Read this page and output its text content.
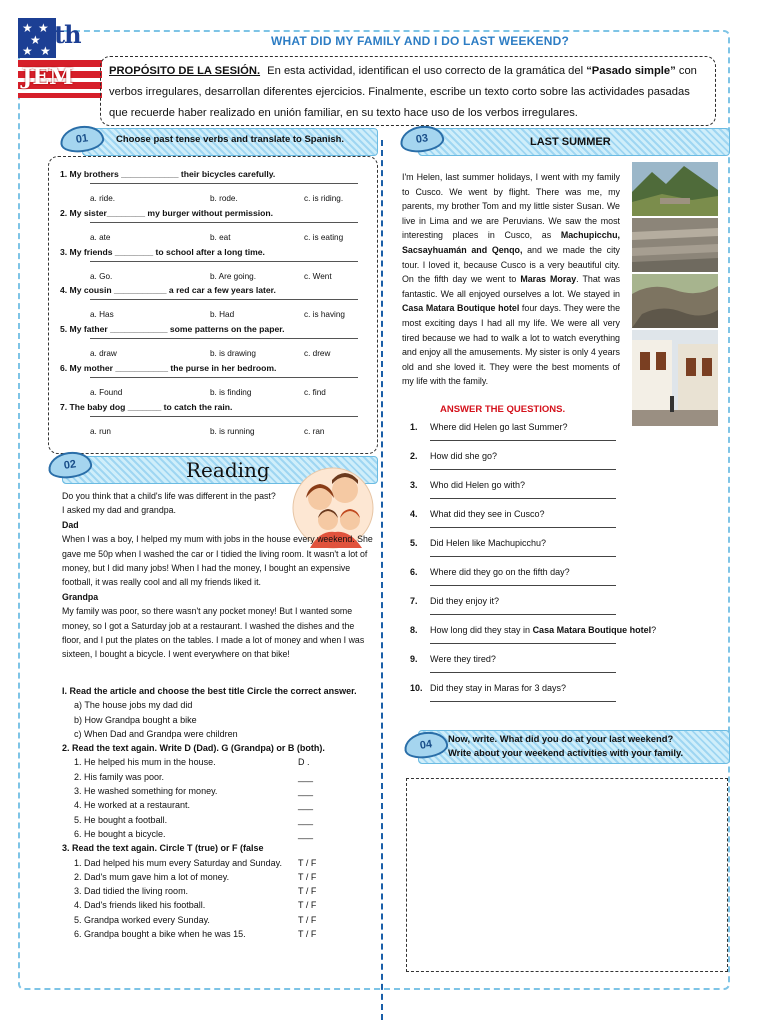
★ ★
★
★ ★
th
JEM
WHAT DID MY FAMILY AND I DO LAST WEEKEND?
PROPÓSITO DE LA SESIÓN. En esta actividad, identifican el uso correcto de la gramática del “Pasado simple” con verbos irregulares, desarrollan diferentes ejercicios. Finalmente, escribe un texto corto sobre las actividades pasadas que recuerde haber realizado en unión familiar, en su texto hace uso de los verbos irregulares.
01	Choose past tense verbs and translate to Spanish.
1. My brothers ____________ their bicycles carefully.
a. ride.	b. rode.	c. is riding.
2. My sister________ my burger without permission.
a. ate	b. eat	c. is eating
3. My friends ________ to school after a long time.
a. Go.	b. Are going.	c. Went
4. My cousin ___________ a red car a few years later.
a. Has	b. Had	c. is having
5. My father ____________ some patterns on the paper.
a. draw	b. is drawing	c. drew
6. My mother ___________ the purse in her bedroom.
a. Found	b. is finding	c. find
7. The baby dog _______ to catch the rain.
a. run	b. is running	c. ran
02	Reading
Do you think that a child's life was different in the past?
I asked my dad and grandpa.
Dad
When I was a boy, I helped my mum with jobs in the house every weekend. She gave me 50p when I washed the car or I tidied the living room. It wasn't a lot of money, but I did many jobs! When I had the money, I bought an expensive football, it was really cool and all my friends liked it.
Grandpa
My family was poor, so there wasn't any pocket money! But I wanted some money, so I got a Saturday job at a restaurant. I washed the dishes and the floor, and I put the plates on the tables. I made a lot of money and when I was sixteen, I bought a bicycle. I went everywhere on that bike!
I. Read the article and choose the best title Circle the correct answer.
a) The house jobs my dad did
b) How Grandpa bought a bike
c) When Dad and Grandpa were children
2. Read the text again. Write D (Dad). G (Grandpa) or B (both).
1. He helped his mum in the house.	D .
2. His family was poor.	___
3. He washed something for money.	___
4. He worked at a restaurant.	___
5. He bought a football.	___
6. He bought a bicycle.	___
3. Read the text again. Circle T (true) or F (false
1. Dad helped his mum every Saturday and Sunday. T / F
2. Dad's mum gave him a lot of money.	T / F
3. Dad tidied the living room.	T / F
4. Dad's friends liked his football.	T / F
5. Grandpa worked every Sunday.	T / F
6. Grandpa bought a bike when he was 15.	T / F
03	LAST SUMMER
I'm Helen, last summer holidays, I went with my family to Cusco. We went by flight. There was me, my parents, my brother Tom and my little sister Susan. We live in Lima and we are Peruvians. We saw the most interesting places in Cusco, as Machupicchu, Sacsayhuamán and Qenqo, and we made the city tour. I loved it, because Cusco is a very beautiful city. On the fifth day we went to Maras Moray. That was fantastic. We all enjoyed ourselves a lot. We stayed in Casa Matara Boutique hotel four days. They were the most exciting days I had all my life. We were all very tired because we had to walk a lot to watch everything and enjoy all the amusements. My sister is only 4 years old and she loved it. They were the best moments of my life with the family.
ANSWER THE QUESTIONS.
1.	Where did Helen go last Summer?
2.	How did she go?
3.	Who did Helen go with?
4.	What did they see in Cusco?
5.	Did Helen like Machupicchu?
6.	Where did they go on the fifth day?
7.	Did they enjoy it?
8.	How long did they stay in Casa Matara Boutique hotel?
9.	Were they tired?
10. Did they stay in Maras for 3 days?
04	Now, write. What did you do at your last weekend?
Write about your weekend activities with your family.
